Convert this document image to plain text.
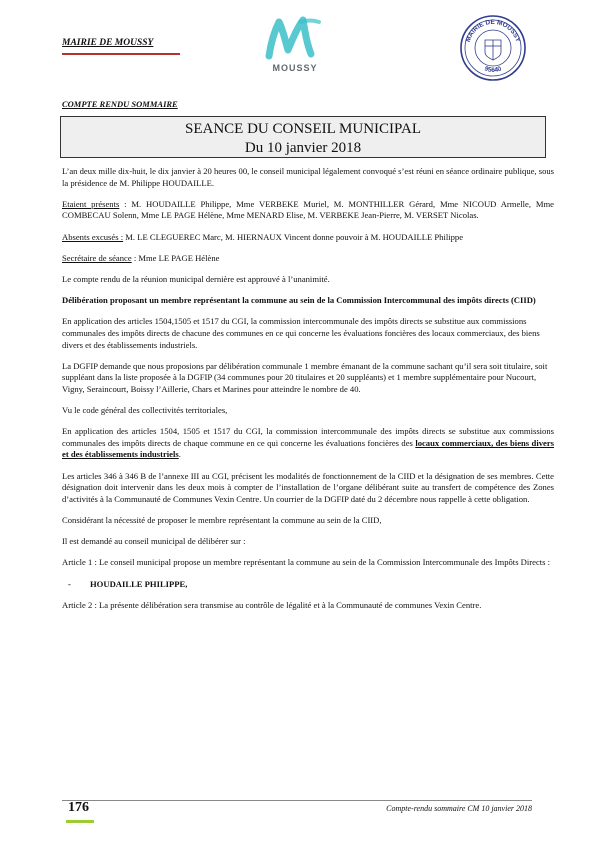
MAIRIE DE MOUSSY
MOUSSY
MAIRIE DE MOUSSY
95640
COMPTE RENDU SOMMAIRE
SEANCE DU CONSEIL MUNICIPAL
Du 10 janvier 2018

L’an deux mille dix-huit, le dix janvier à 20 heures 00, le conseil municipal légalement convoqué s’est réuni en séance ordinaire publique, sous la présidence de M. Philippe HOUDAILLE.

Etaient présents : M. HOUDAILLE Philippe, Mme VERBEKE Muriel, M. MONTHILLER Gérard, Mme NICOUD Armelle, Mme COMBECAU Solenn, Mme LE PAGE Hélène, Mme MENARD Elise, M. VERBEKE Jean-Pierre, M. VERSET Nicolas.

Absents excusés : M. LE CLEGUEREC Marc, M. HIERNAUX Vincent donne pouvoir à M. HOUDAILLE Philippe

Secrétaire de séance : Mme LE PAGE Hélène

Le compte rendu de la réunion municipal dernière est approuvé à l’unanimité.

Délibération proposant un membre représentant la commune au sein de la Commission Intercommunal des impôts directs (CIID)

En application des articles 1504,1505 et 1517 du CGI, la commission intercommunale des impôts directs se substitue aux commissions communales des impôts directs de chacune des communes en ce qui concerne les évaluations foncières des locaux commerciaux, des biens divers et des établissements industriels.

La DGFIP demande que nous proposions par délibération communale 1 membre émanant de la commune sachant qu’il sera soit titulaire, soit suppléant dans la liste proposée à la DGFIP (34 communes pour 20 titulaires et 20 suppléants) et 1 membre supplémentaire pour Nucourt, Vigny, Seraincourt, Boissy l’Aillerie, Chars et Marines pour atteindre le nombre de 40.

Vu le code général des collectivités territoriales,

En application des articles 1504, 1505 et 1517 du CGI, la commission intercommunale des impôts directs se substitue aux commissions communales des impôts directs de chaque commune en ce qui concerne les évaluations foncières des locaux commerciaux, des biens divers et des établissements industriels.

Les articles 346 à 346 B de l’annexe III au CGI, précisent les modalités de fonctionnement de la CIID et la désignation de ses membres. Cette désignation doit intervenir dans les deux mois à compter de l’installation de l’organe délibérant suite au transfert de compétence des Zones d’activités à la Communauté de Communes Vexin Centre. Un courrier de la DGFIP daté du 2 décembre nous rappelle à cette obligation.

Considérant la nécessité de proposer le membre représentant la commune au sein de la CIID,

Il est demandé au conseil municipal de délibérer sur :

Article 1 : Le conseil municipal propose un membre représentant la commune au sein de la Commission Intercommunale des Impôts Directs :

- HOUDAILLE PHILIPPE,

Article 2 : La présente délibération sera transmise au contrôle de légalité et à la Communauté de communes Vexin Centre.

176	Compte-rendu sommaire CM 10 janvier 2018
